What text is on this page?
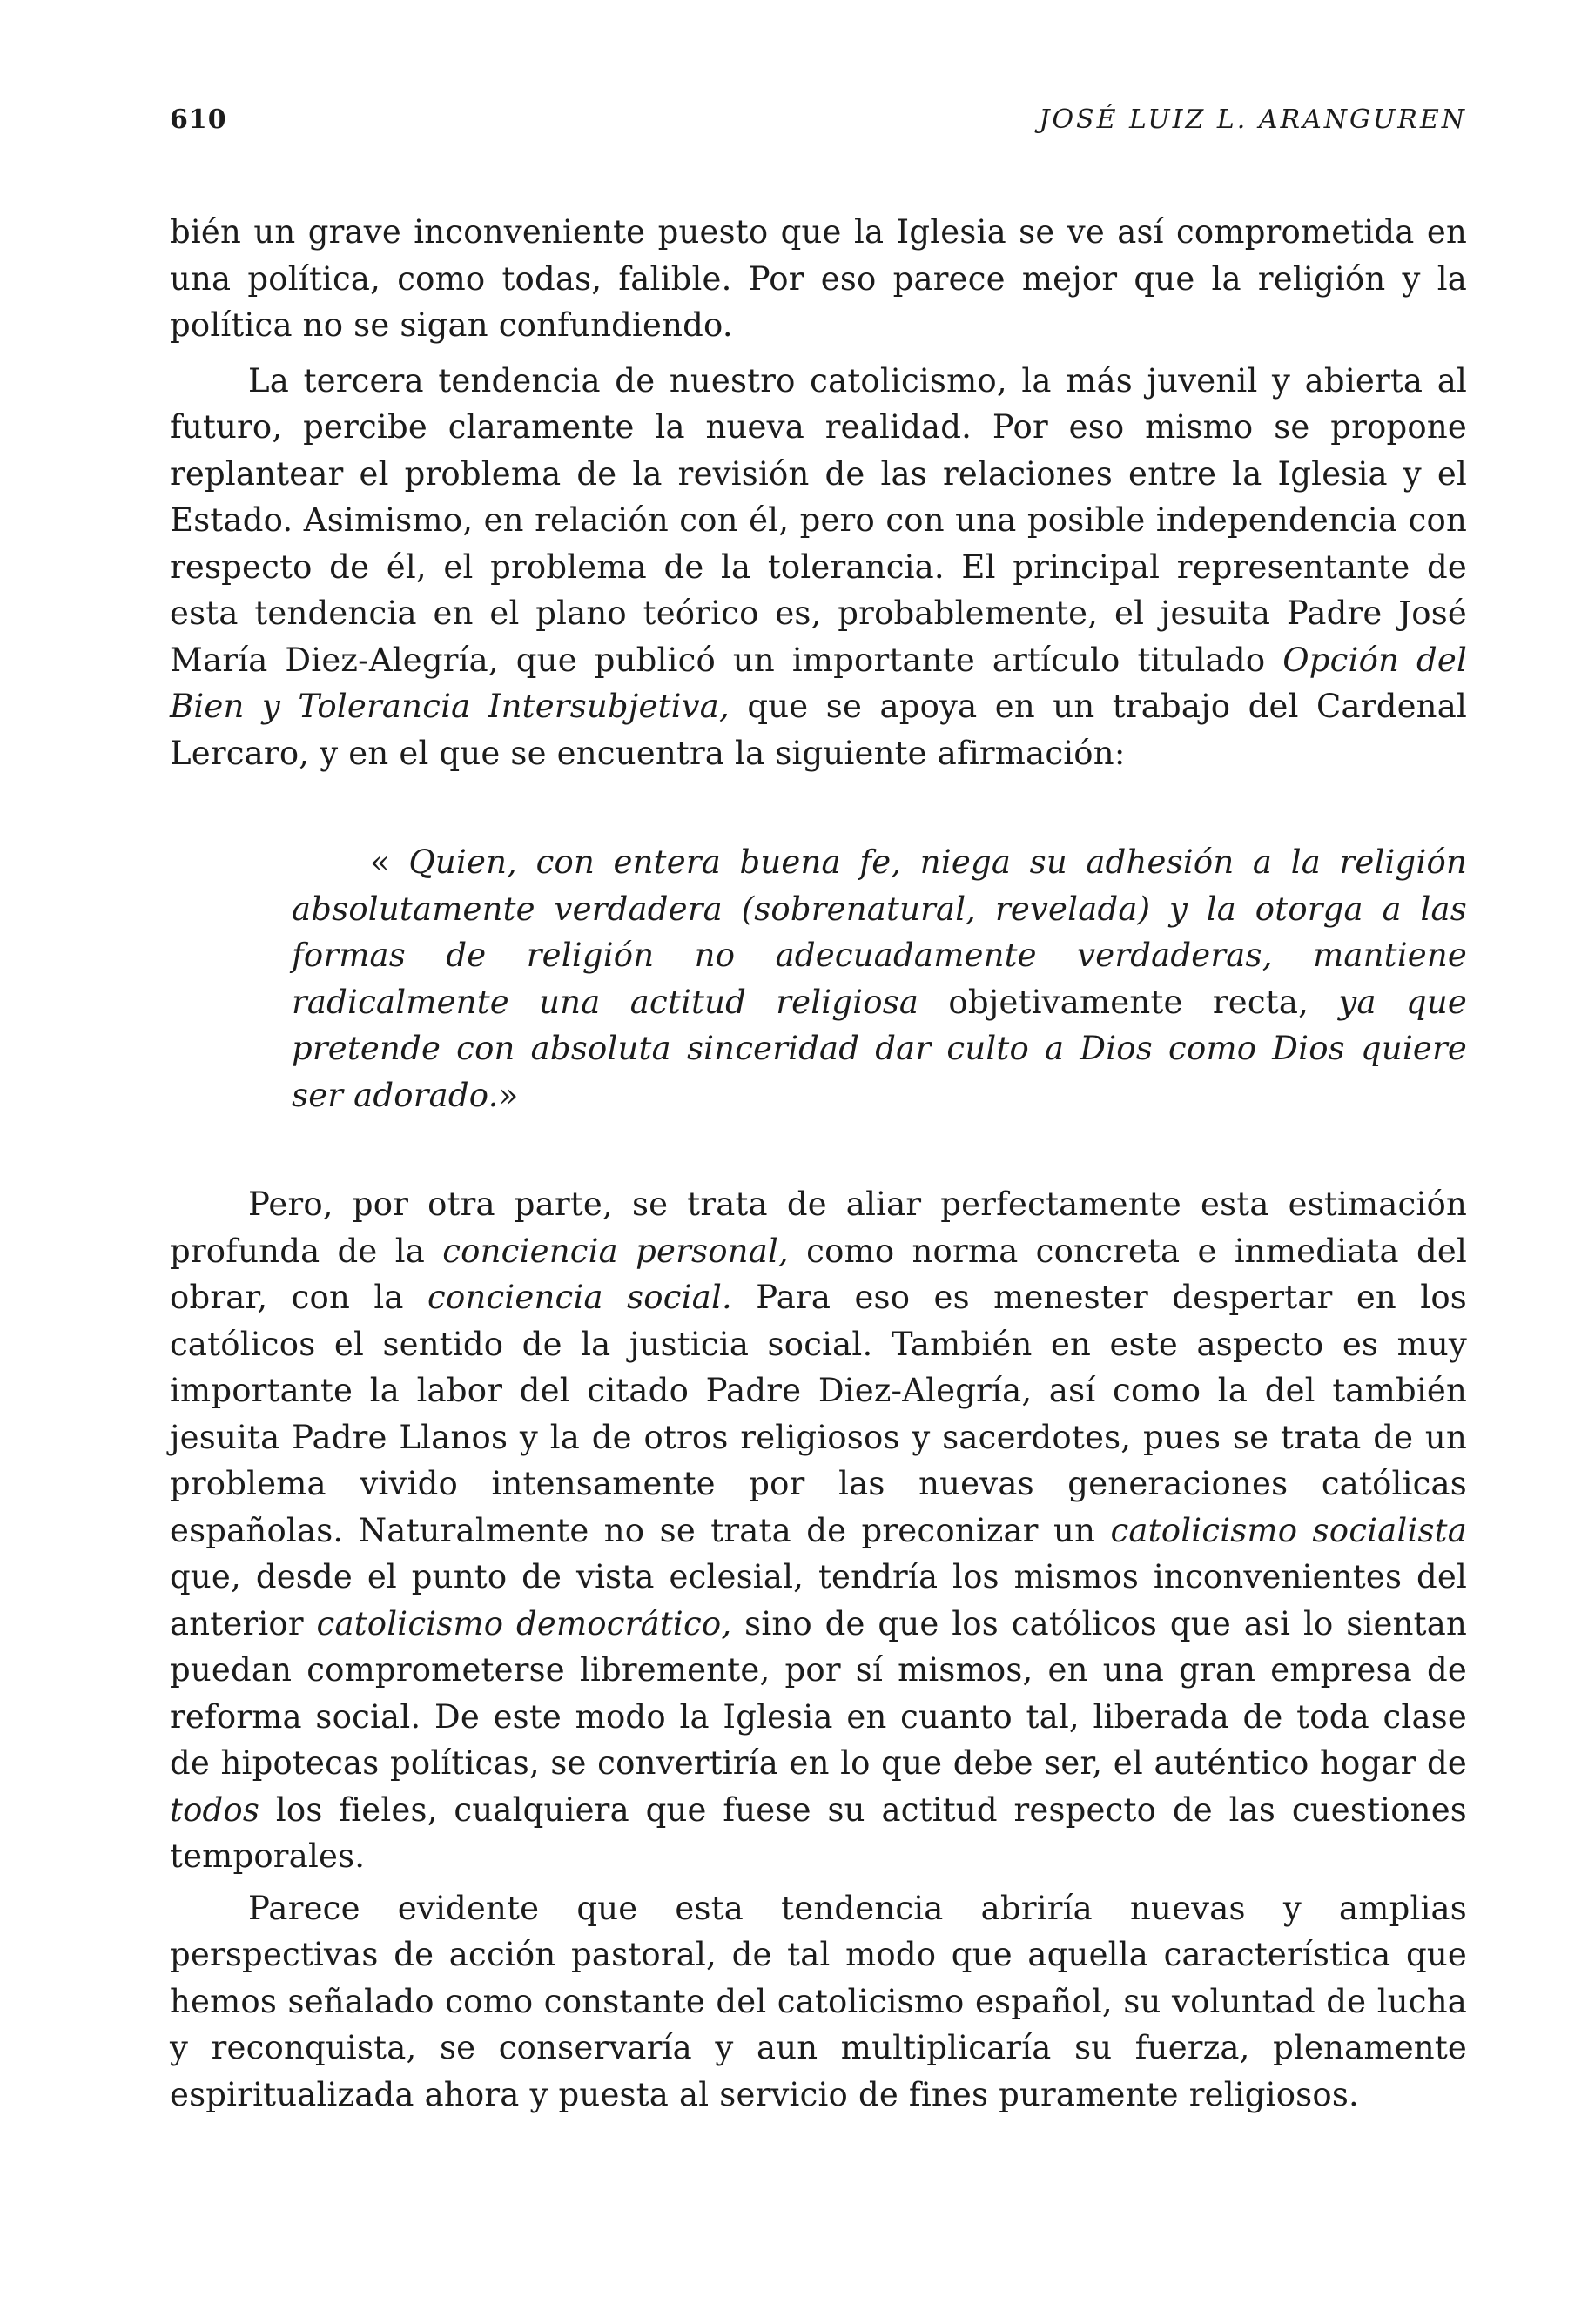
610	JOSÉ LUIZ L. ARANGUREN

bién un grave inconveniente puesto que la Iglesia se ve así comprometida en una política, como todas, falible. Por eso parece mejor que la religión y la política no se sigan confundiendo.

La tercera tendencia de nuestro catolicismo, la más juvenil y abierta al futuro, percibe claramente la nueva realidad. Por eso mismo se propone replantear el problema de la revisión de las relaciones entre la Iglesia y el Estado. Asimismo, en relación con él, pero con una posible independencia con respecto de él, el problema de la tolerancia. El principal representante de esta tendencia en el plano teórico es, probablemente, el jesuita Padre José María Diez-Alegría, que publicó un importante artículo titulado Opción del Bien y Tolerancia Intersubjetiva, que se apoya en un trabajo del Cardenal Lercaro, y en el que se encuentra la siguiente afirmación:

« Quien, con entera buena fe, niega su adhesión a la religión absolutamente verdadera (sobrenatural, revelada) y la otorga a las formas de religión no adecuadamente verdaderas, mantiene radicalmente una actitud religiosa objetivamente recta, ya que pretende con absoluta sinceridad dar culto a Dios como Dios quiere ser adorado.»

Pero, por otra parte, se trata de aliar perfectamente esta estimación profunda de la conciencia personal, como norma concreta e inmediata del obrar, con la conciencia social. Para eso es menester despertar en los católicos el sentido de la justicia social. También en este aspecto es muy importante la labor del citado Padre Diez-Alegría, así como la del también jesuita Padre Llanos y la de otros religiosos y sacerdotes, pues se trata de un problema vivido intensamente por las nuevas generaciones católicas españolas. Naturalmente no se trata de preconizar un catolicismo socialista que, desde el punto de vista eclesial, tendría los mismos inconvenientes del anterior catolicismo democrático, sino de que los católicos que asi lo sientan puedan comprometerse libremente, por sí mismos, en una gran empresa de reforma social. De este modo la Iglesia en cuanto tal, liberada de toda clase de hipotecas políticas, se convertiría en lo que debe ser, el auténtico hogar de todos los fieles, cualquiera que fuese su actitud respecto de las cuestiones temporales.

Parece evidente que esta tendencia abriría nuevas y amplias perspectivas de acción pastoral, de tal modo que aquella característica que hemos señalado como constante del catolicismo español, su voluntad de lucha y reconquista, se conservaría y aun multiplicaría su fuerza, plenamente espiritualizada ahora y puesta al servicio de fines puramente religiosos.
